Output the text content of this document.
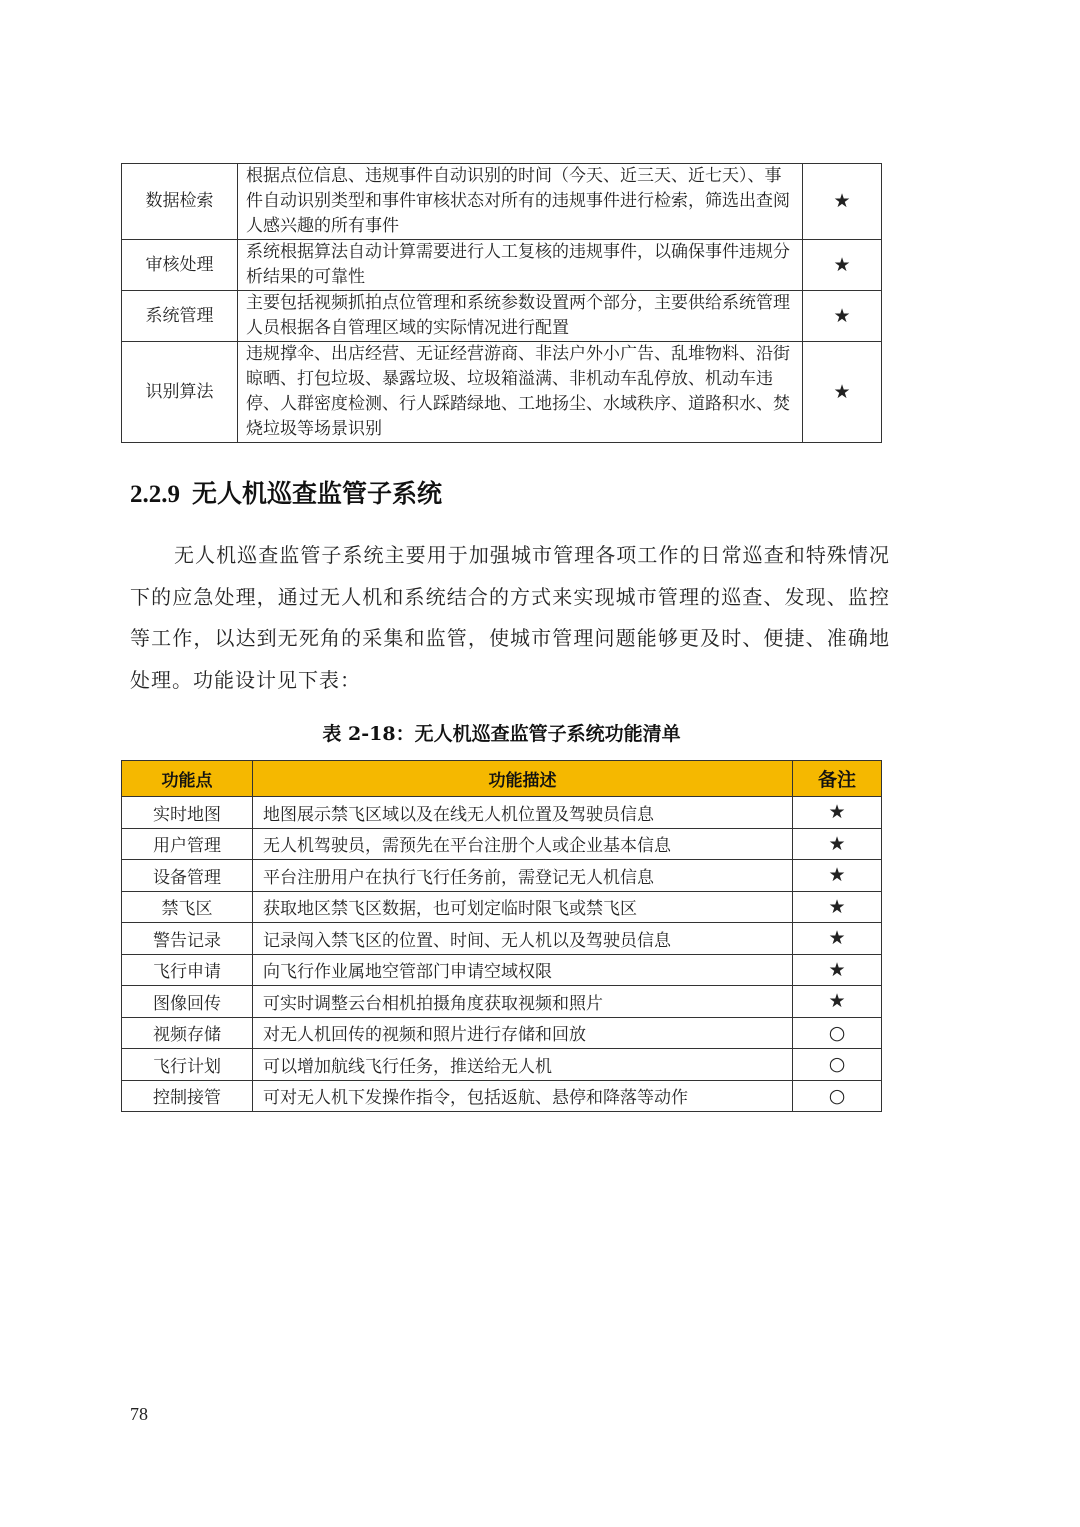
数据检索	根据点位信息、违规事件自动识别的时间（今天、近三天、近七天）、事件自动识别类型和事件审核状态对所有的违规事件进行检索，筛选出查阅人感兴趣的所有事件	★
审核处理	系统根据算法自动计算需要进行人工复核的违规事件，以确保事件违规分析结果的可靠性	★
系统管理	主要包括视频抓拍点位管理和系统参数设置两个部分，主要供给系统管理人员根据各自管理区域的实际情况进行配置	★
识别算法	违规撑伞、出店经营、无证经营游商、非法户外小广告、乱堆物料、沿街晾晒、打包垃圾、暴露垃圾、垃圾箱溢满、非机动车乱停放、机动车违停、人群密度检测、行人踩踏绿地、工地扬尘、水域秩序、道路积水、焚烧垃圾等场景识别	★
2.2.9 无人机巡查监管子系统

无人机巡查监管子系统主要用于加强城市管理各项工作的日常巡查和特殊情况下的应急处理，通过无人机和系统结合的方式来实现城市管理的巡查、发现、监控等工作，以达到无死角的采集和监管，使城市管理问题能够更及时、便捷、准确地处理。功能设计见下表：

表 2-18：无人机巡查监管子系统功能清单

功能点	功能描述	备注
实时地图	地图展示禁飞区域以及在线无人机位置及驾驶员信息	★
用户管理	无人机驾驶员，需预先在平台注册个人或企业基本信息	★
设备管理	平台注册用户在执行飞行任务前，需登记无人机信息	★
禁飞区	获取地区禁飞区数据，也可划定临时限飞或禁飞区	★
警告记录	记录闯入禁飞区的位置、时间、无人机以及驾驶员信息	★
飞行申请	向飞行作业属地空管部门申请空域权限	★
图像回传	可实时调整云台相机拍摄角度获取视频和照片	★
视频存储	对无人机回传的视频和照片进行存储和回放	○
飞行计划	可以增加航线飞行任务，推送给无人机	○
控制接管	可对无人机下发操作指令，包括返航、悬停和降落等动作	○
78
